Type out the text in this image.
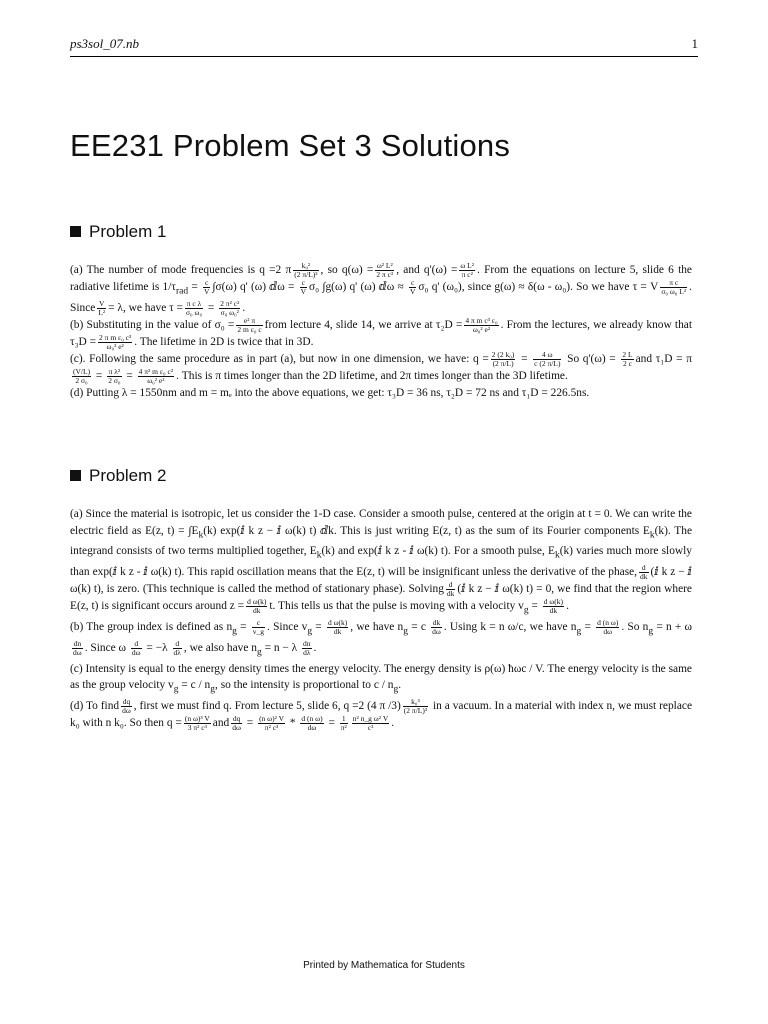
ps3sol_07.nb	1
EE231 Problem Set 3 Solutions
Problem 1

(a) The number of mode frequencies is q =2 π $\frac{\text{k₀²}}{\text{(2 π/L)²}}$ , so $q(\omega) = \frac{\text{ω² L²}}{\text{2 π c²}}$ , and $q'(\omega) = \frac{\text{ω L²}}{\text{π c²}}$ . From the equations on lecture 5, slide 6 the radiative lifetime is $1/\tau_{rad} = \frac{c}{V} \int\sigma(\omega)$ q' (ω) ⅆω = $\frac{c}{V} \sigma_0$ ∫g(ω) q' (ω) ⅆω ≈ $\frac{c}{V} \sigma_0$ q' (ω₀), since g(ω) ≈ δ(ω - ω₀). So we have τ = V $\frac{\text{π c}}{\text{σ₀ ω₀ L²}}$ . Since $\frac{V}{\text{L²}} = \lambda$, we have $\tau = \frac{\text{π c λ}}{\text{σ₀ ω₀}} = \frac{\text{2 π² c²}}{\text{σ₀ ω₀²}}$ .

(b) Substituting in the value of $\sigma_0 = \frac{\text{e² π}}{\text{2 m ε₀ c}}$ from lecture 4, slide 14, we arrive at $\tau_2D = \frac{\text{4 π m c³ ε₀}}{\text{ω₀² e²}}$ . From the lectures, we already know that $\tau_3D = \frac{\text{2 π m ε₀ c³}}{\text{ω₀² e²}}$ . The lifetime in 2D is twice that in 3D.

(c). Following the same procedure as in part (a), but now in one dimension, we have: $q = \frac{\text{2 (2 k₀)}}{(2 \pi/L)} = \frac{4 \omega}{c (2 \pi/L)}$ So $q'(\omega) = \frac{2 L}{2 c}$ and τ₁D = π
$\frac{(V/L)}{\text{2 σ₀}} = \frac{\text{π λ²}}{\text{2 σ₀}} = \frac{\text{4 π² m ε₀ c²}}{\text{ω₀² e²}}$ . This is π times longer than the 2D lifetime, and 2π times longer than the 3D lifetime.

(d) Putting λ = 1550nm and m = mₑ into the above equations, we get: τ₃D = 36 ns, τ₂D = 72 ns and τ₁D = 226.5ns.

Problem 2

(a) Since the material is isotropic, let us consider the 1-D case. Consider a smooth pulse, centered at the origin at t = 0. We can write the electric field as E(z, $t) = \int E_k(k)$ exp(ⅈ k z − ⅈ ω(k) t) ⅆk. This is just writing E(z, t) as the sum of its Fourier components $E_k(k)$. The integrand consists of two terms multiplied together, $E_k(k)$ and exp(ⅈ k z - ⅈ ω(k) t). For a smooth pulse, $E_k(k)$ varies much more slowly than exp(ⅈ k z - ⅈ ω(k) t). This rapid oscillation means that the E(z, t) will be insignificant unless the derivative of the phase, $\frac{d}{dk}$ (ⅈ k z − ⅈ ω(k) t), is zero. (This technique is called the method of stationary phase). Solving $\frac{d}{dk}$ (ⅈ k z − ⅈ ω(k) t) = 0, we find that the region where E(z, t) is significant occurs around $z = \frac{\text{d ω(k)}}{dk} t$. This tells us that the pulse is moving with a velocity $v_g = \frac{\text{d ω(k)}}{dk}$ .

(b) The group index is defined as $n_g = \frac{c}{v\_g}$ . Since $v_g = \frac{\text{d ω(k)}}{dk}$ , we have $n_g = c \frac{dk}{d\omega}$ . Using k = n ω/c, we have $n_g = \frac{\text{d (n ω)}}{d\omega}$ . So $n_g = n + \omega$
$\frac{dn}{d\omega}$ . Since ω $\frac{d}{d\omega} = -\lambda \frac{d}{d\lambda}$ , we also have $n_g = n - \lambda \frac{dn}{d\lambda}$ .

(c) Intensity is equal to the energy density times the energy velocity. The energy density is ρ(ω) ħωc / V. The energy velocity is the same as the group velocity $v_g = c / n_g$, so the intensity is proportional to c / $n_g$.

(d) To find $\frac{dq}{d\omega}$ , first we must find q. From lecture 5, slide 6, q =2 (4 π $/3) \frac{\text{k₀³}}{\text{(2 π/L)³}}$ in a vacuum. In a material with index n, we must replace k₀ with n k₀. So then $q = \frac{\text{(n ω)³ V}}{\text{3 π² c³}}$ and $\frac{dq}{d\omega} = \frac{\text{(n ω)² V}}{\text{π² c³}} * \frac{\text{d (n ω)}}{d\omega} = \frac{1}{\text{π²}} \frac{\text{n² n\_g ω² V}}{\text{c³}}$ .

Printed by Mathematica for Students
